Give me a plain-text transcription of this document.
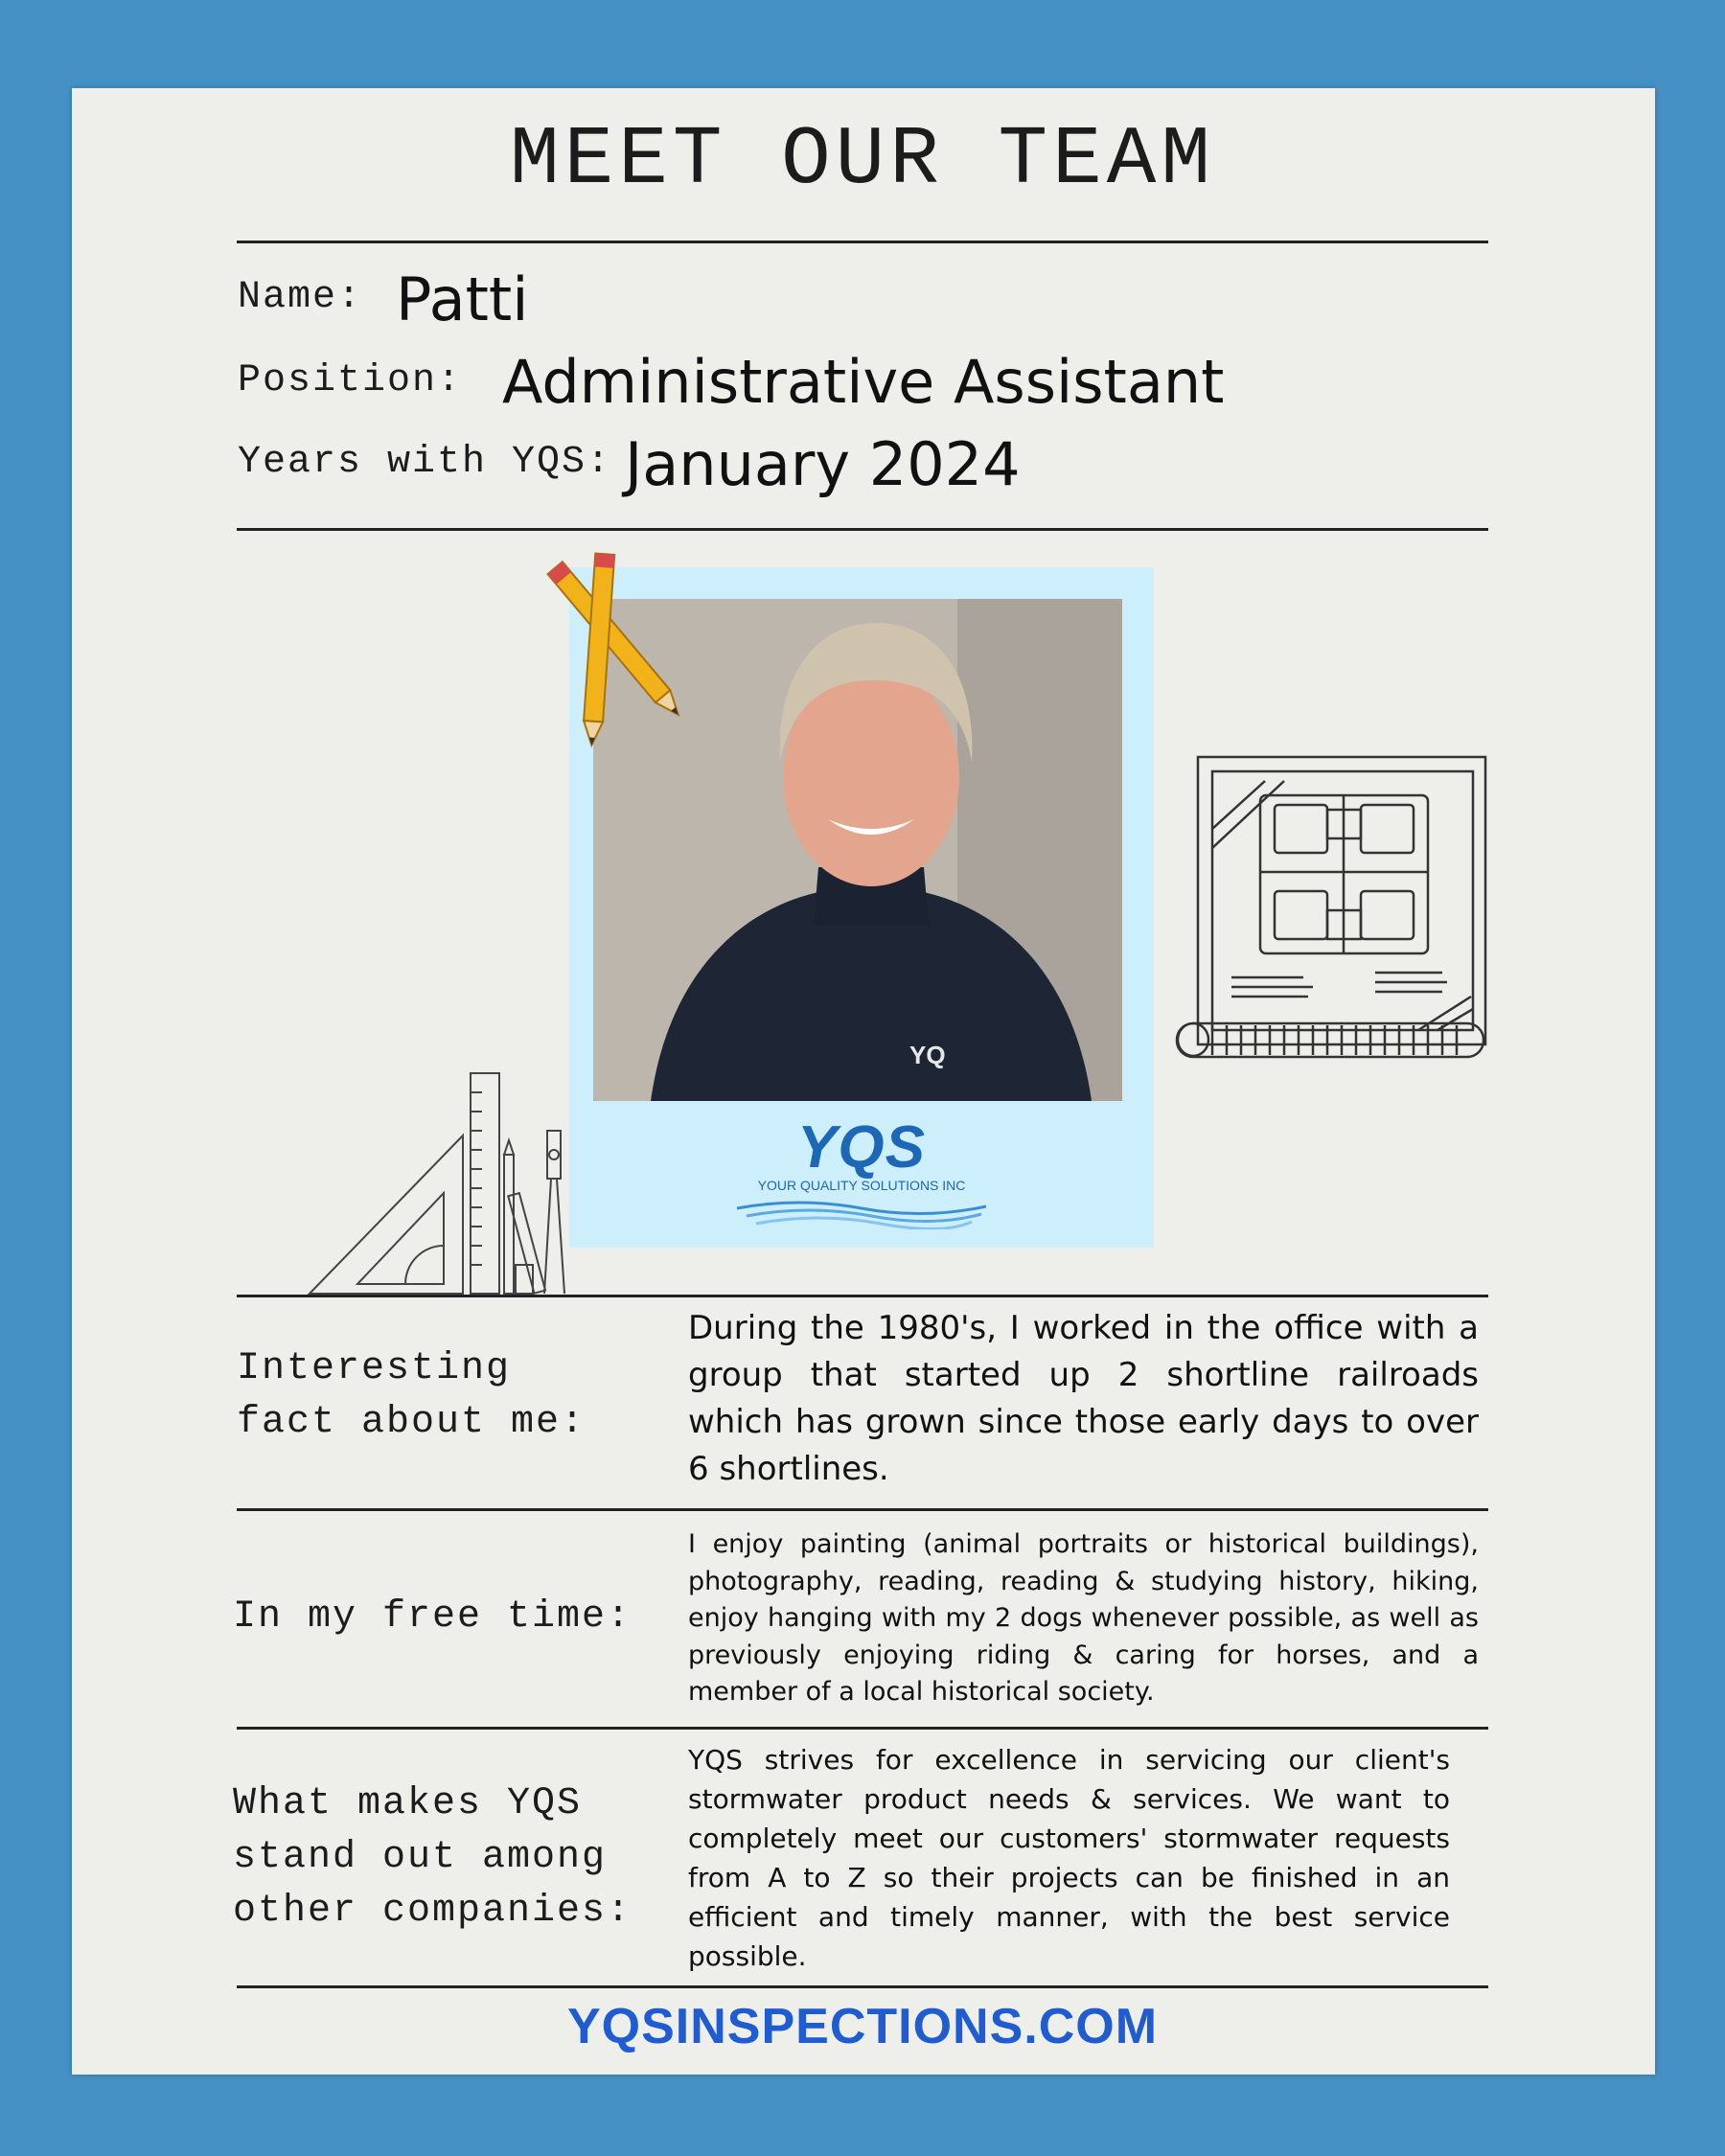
MEET OUR TEAM
Name: Patti
Position: Administrative Assistant
Years with YQS: January 2024
YQ
YQS
YOUR QUALITY SOLUTIONS INC
Interesting
fact about me:
During the 1980's, I worked in the office with a group that started up 2 shortline railroads which has grown since those early days to over 6 shortlines.
In my free time:
I enjoy painting (animal portraits or historical buildings), photography, reading, reading & studying history, hiking, enjoy hanging with my 2 dogs whenever possible, as well as previously enjoying riding & caring for horses, and a member of a local historical society.
What makes YQS
stand out among
other companies:
YQS strives for excellence in servicing our client's stormwater product needs & services. We want to completely meet our customers' stormwater requests from A to Z so their projects can be finished in an efficient and timely manner, with the best service possible.
YQSINSPECTIONS.COM
